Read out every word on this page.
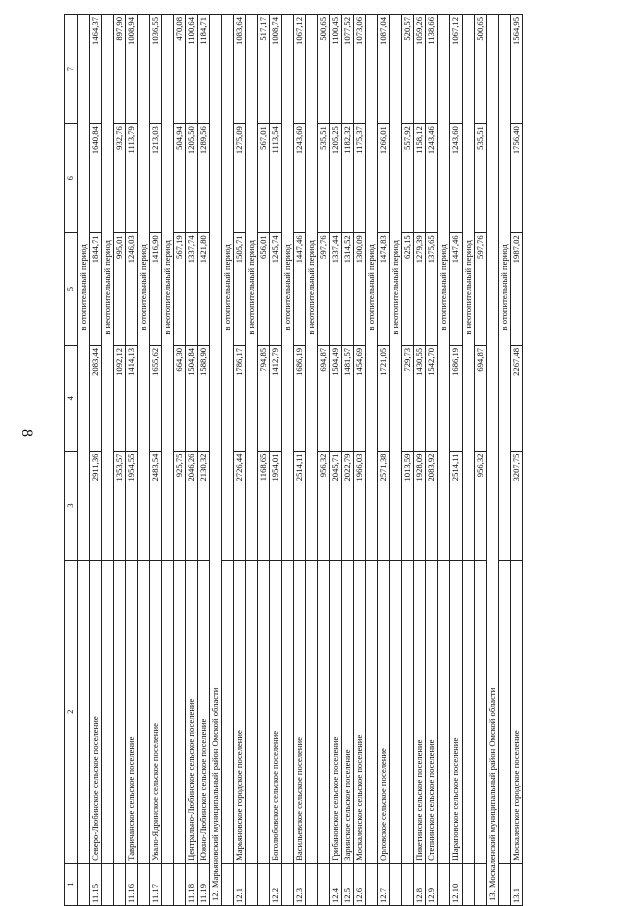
8
1	2	3	4	5	6	7
		в отопительный период				
11.15	Северо-Любинское сельское поселение	2911,36	2083,44	1844,71	1640,84	1464,37
		в неотопительный период				
		1353,57	1092,12	995,01	932,76	897,90
11.16	Тавричанское сельское поселение	1954,55	1414,13	1246,03	1113,79	1008,94
		в отопительный период				
11.17	Увало-Ядринское сельское поселение	2483,54	1655,62	1416,90	1213,03	1036,55
		в неотопительный период				
		925,75	664,30	567,19	504,94	470,08
11.18	Центрально-Любинское сельское поселение	2046,26	1504,84	1337,74	1205,50	1100,64
11.19	Южно-Любинское сельское поселение	2130,32	1588,90	1421,80	1289,56	1184,71
12. Марьяновский муниципальный район Омской области						
		в отопительный период				
12.1	Марьяновское городское поселение	2726,44	1786,17	1505,71	1275,09	1083,64
		в неотопительный период				
		1168,65	794,85	656,01	567,01	517,17
12.2	Боголюбовское сельское поселение	1954,01	1412,79	1245,74	1113,54	1008,74
		в отопительный период				
12.3	Васильевское сельское поселение	2514,11	1686,19	1447,46	1243,60	1067,12
		в неотопительный период				
		956,32	694,87	597,76	535,51	500,65
12.4	Грибановское сельское поселение	2045,71	1504,49	1337,44	1205,25	1100,45
12.5	Заринское сельское поселение	2022,79	1481,57	1314,52	1182,32	1077,52
12.6	Москаленское сельское поселение	1966,03	1454,69	1300,09	1175,37	1073,06
		в отопительный период				
12.7	Орловское сельское поселение	2571,38	1721,05	1474,83	1266,01	1087,04
		в неотопительный период				
		1013,59	729,73	625,15	557,92	520,57
12.8	Пикетинское сельское поселение	1928,09	1430,55	1279,39	1158,12	1059,26
12.9	Степнинское сельское поселение	2083,92	1542,70	1375,65	1243,46	1138,66
		в отопительный период				
12.10	Шараповское сельское поселение	2514,11	1686,19	1447,46	1243,60	1067,12
		в неотопительный период				
		956,32	694,87	597,76	535,51	500,65
13. Москаленский муниципальный район Омской области						
		в отопительный период				
13.1	Москаленское городское поселение	3207,75	2267,48	1987,02	1756,40	1564,95
